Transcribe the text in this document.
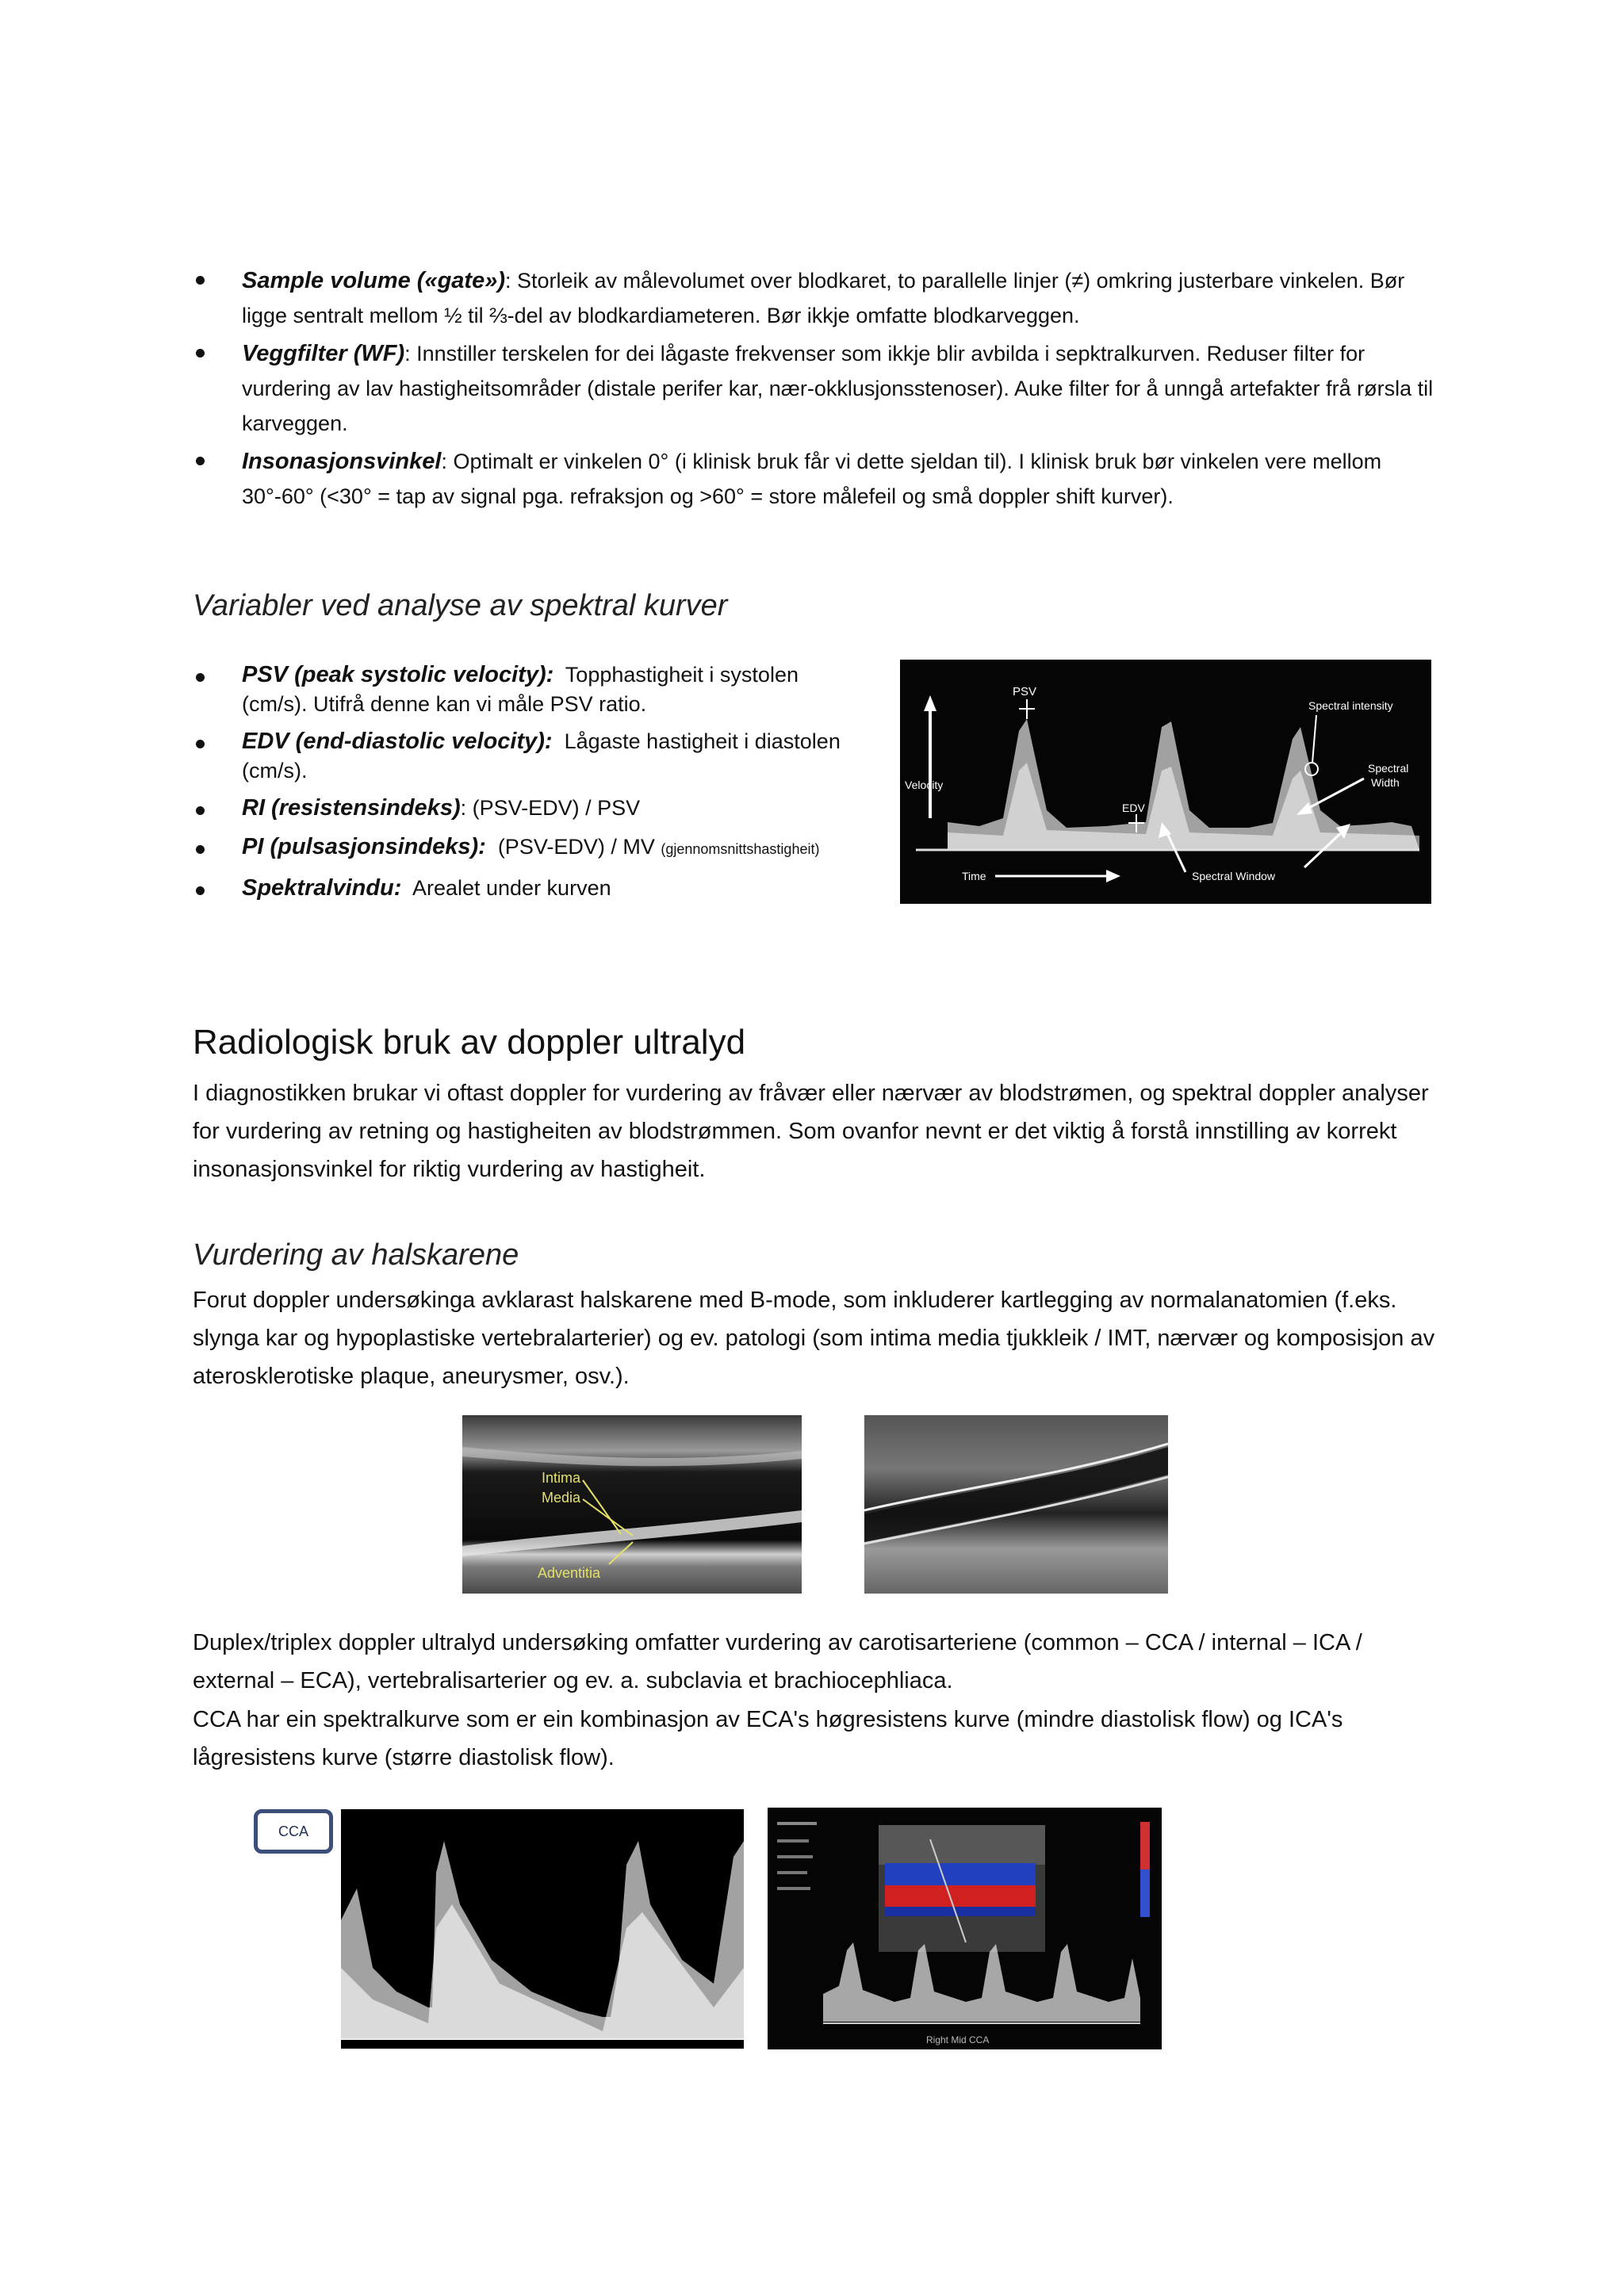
Sample volume («gate»): Storleik av målevolumet over blodkaret, to parallelle linjer (≠) omkring justerbare vinkelen. Bør ligge sentralt mellom ½ til ⅔-del av blodkardiameteren. Bør ikkje omfatte blodkarveggen.
Veggfilter (WF): Innstiller terskelen for dei lågaste frekvenser som ikkje blir avbilda i sepktralkurven. Reduser filter for vurdering av lav hastigheitsområder (distale perifer kar, nær-okklusjonsstenoser). Auke filter for å unngå artefakter frå rørsla til karveggen.
Insonasjonsvinkel: Optimalt er vinkelen 0° (i klinisk bruk får vi dette sjeldan til). I klinisk bruk bør vinkelen vere mellom 30°-60° (<30° = tap av signal pga. refraksjon og >60° = store målefeil og små doppler shift kurver).
Variabler ved analyse av spektral kurver
PSV (peak systolic velocity): Topphastigheit i systolen (cm/s). Utifrå denne kan vi måle PSV ratio.
EDV (end-diastolic velocity): Lågaste hastigheit i diastolen (cm/s).
RI (resistensindeks): (PSV-EDV) / PSV
PI (pulsasjonsindeks): (PSV-EDV) / MV (gjennomsnittshastigheit)
Spektralvindu: Arealet under kurven
PSV
Velocity
EDV
Time
Spectral intensity
Spectral
Width
Spectral Window
Radiologisk bruk av doppler ultralyd

I diagnostikken brukar vi oftast doppler for vurdering av fråvær eller nærvær av blodstrømen, og spektral doppler analyser for vurdering av retning og hastigheiten av blodstrømmen. Som ovanfor nevnt er det viktig å forstå innstilling av korrekt insonasjonsvinkel for riktig vurdering av hastigheit.

Vurdering av halskarene

Forut doppler undersøkinga avklarast halskarene med B-mode, som inkluderer kartlegging av normalanatomien (f.eks. slynga kar og hypoplastiske vertebralarterier) og ev. patologi (som intima media tjukkleik / IMT, nærvær og komposisjon av aterosklerotiske plaque, aneurysmer, osv.).

Intima
Media
Adventitia

Duplex/triplex doppler ultralyd undersøking omfatter vurdering av carotisarteriene (common – CCA / internal – ICA / external – ECA), vertebralisarterier og ev. a. subclavia et brachiocephliaca.

CCA har ein spektralkurve som er ein kombinasjon av ECA's høgresistens kurve (mindre diastolisk flow) og ICA's lågresistens kurve (større diastolisk flow).

CCA
Right Mid CCA
